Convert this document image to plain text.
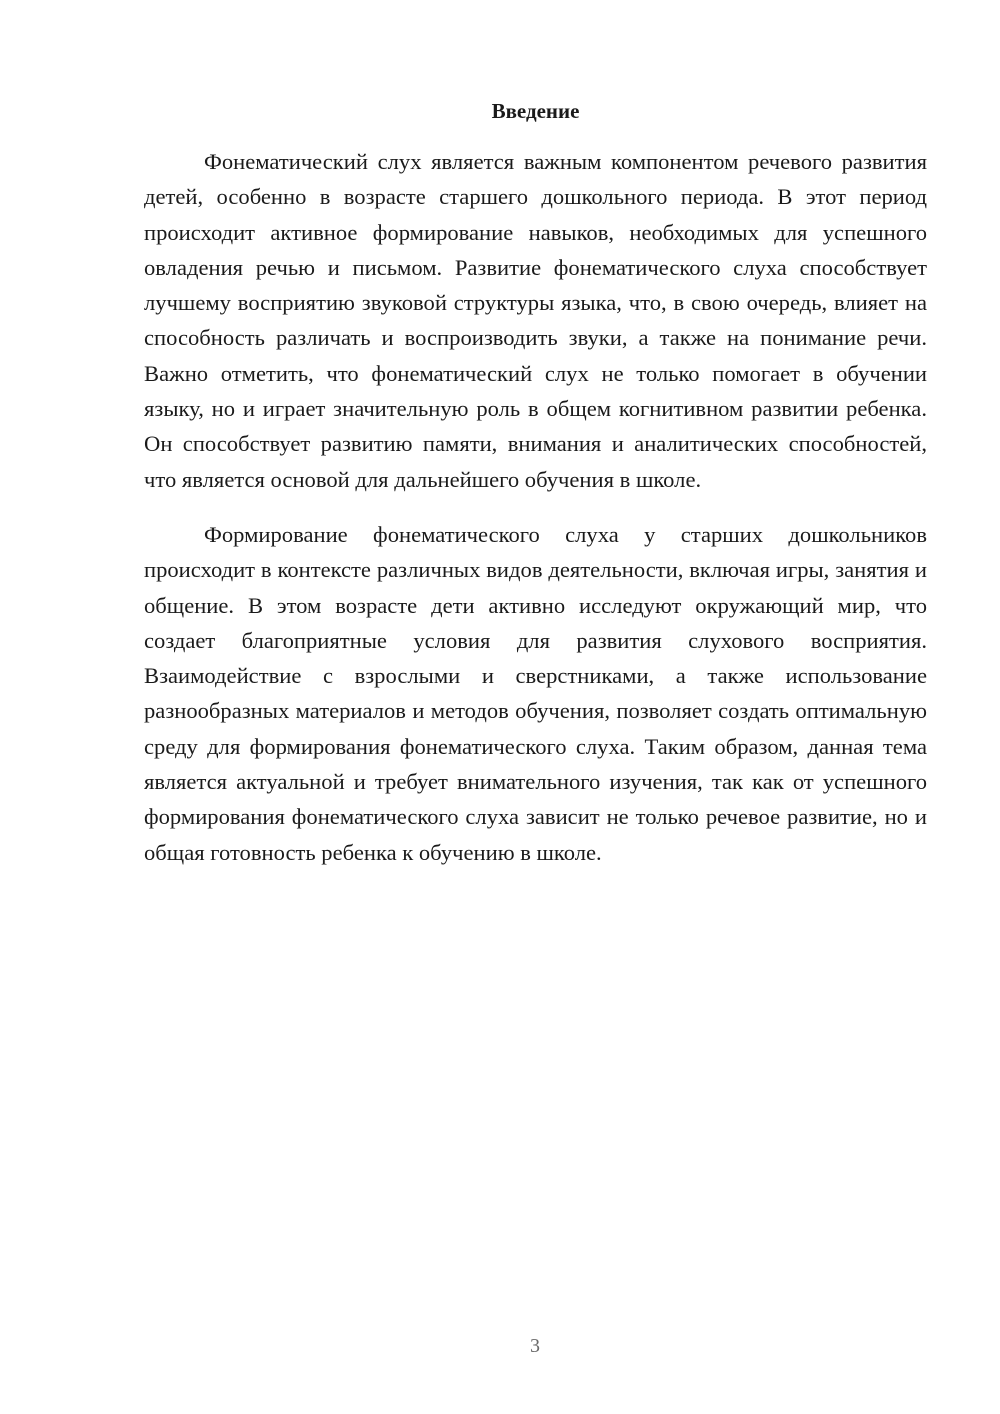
Введение

Фонематический слух является важным компонентом речевого развития детей, особенно в возрасте старшего дошкольного периода. В этот период происходит активное формирование навыков, необходимых для успешного овладения речью и письмом. Развитие фонематического слуха способствует лучшему восприятию звуковой структуры языка, что, в свою очередь, влияет на способность различать и воспроизводить звуки, а также на понимание речи. Важно отметить, что фонематический слух не только помогает в обучении языку, но и играет значительную роль в общем когнитивном развитии ребенка. Он способствует развитию памяти, внимания и аналитических способностей, что является основой для дальнейшего обучения в школе.

Формирование фонематического слуха у старших дошкольников происходит в контексте различных видов деятельности, включая игры, занятия и общение. В этом возрасте дети активно исследуют окружающий мир, что создает благоприятные условия для развития слухового восприятия. Взаимодействие с взрослыми и сверстниками, а также использование разнообразных материалов и методов обучения, позволяет создать оптимальную среду для формирования фонематического слуха. Таким образом, данная тема является актуальной и требует внимательного изучения, так как от успешного формирования фонематического слуха зависит не только речевое развитие, но и общая готовность ребенка к обучению в школе.

3
